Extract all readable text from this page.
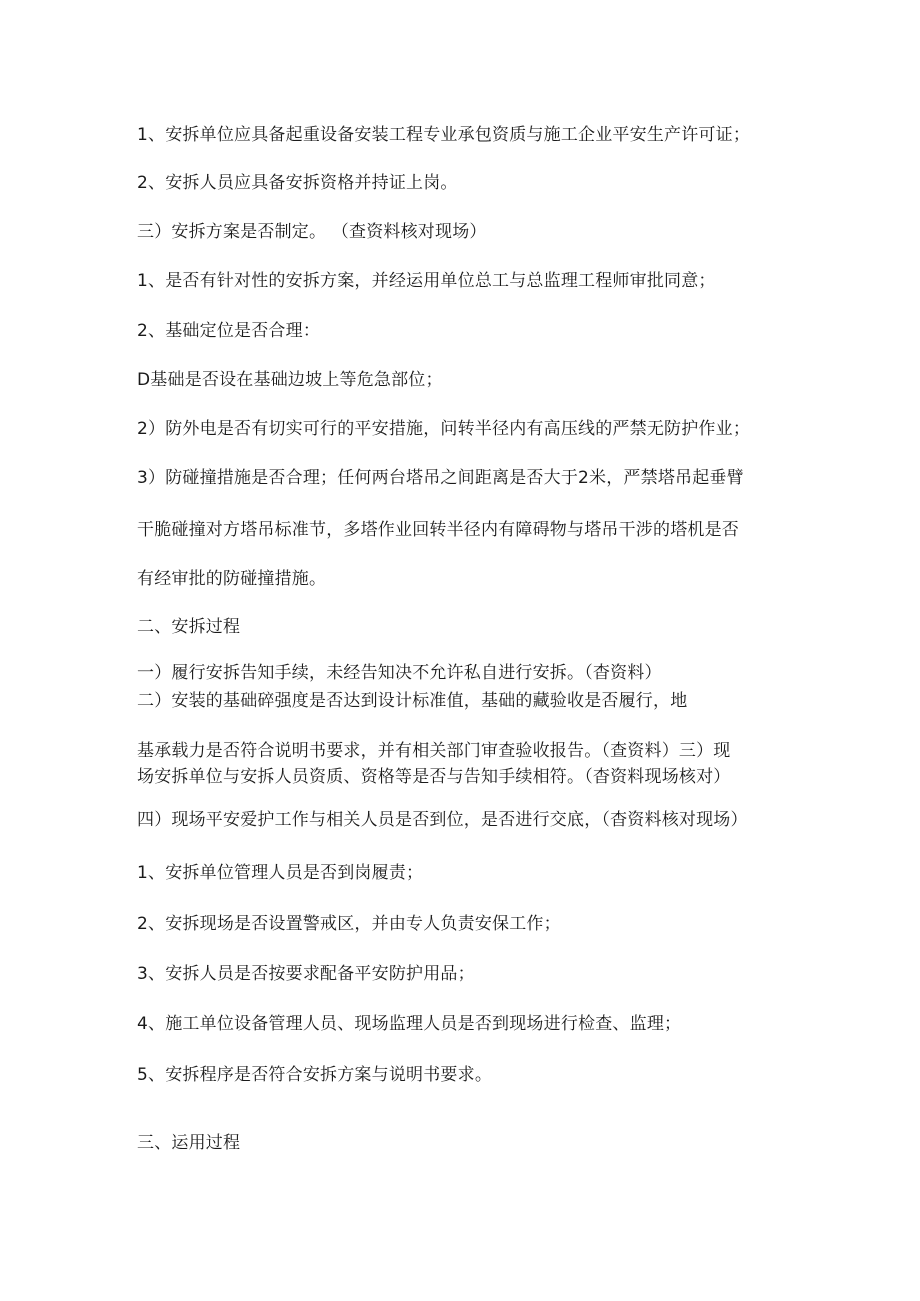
1、安拆单位应具备起重设备安装工程专业承包资质与施工企业平安生产许可证；
2、安拆人员应具备安拆资格并持证上岗。
三）安拆方案是否制定。 （查资料核对现场）
1、是否有针对性的安拆方案，并经运用单位总工与总监理工程师审批同意；
2、基础定位是否合理：
D基础是否设在基础边坡上等危急部位；
2）防外电是否有切实可行的平安措施，问转半径内有高压线的严禁无防护作业；
3）防碰撞措施是否合理；任何两台塔吊之间距离是否大于2米，严禁塔吊起垂臂
干脆碰撞对方塔吊标准节，多塔作业回转半径内有障碍物与塔吊干涉的塔机是否
有经审批的防碰撞措施。
二、安拆过程
一）履行安拆告知手续，未经告知决不允许私自进行安拆。（杳资料）
二）安装的基础碎强度是否达到设计标准值，基础的藏验收是否履行，地
基承载力是否符合说明书要求，并有相关部门审查验收报告。（查资料）三）现
场安拆单位与安拆人员资质、资格等是否与告知手续相符。（杳资料现场核对）
四）现场平安爱护工作与相关人员是否到位，是否进行交底，（杳资料核对现场）
1、安拆单位管理人员是否到岗履责；
2、安拆现场是否设置警戒区，并由专人负责安保工作；
3、安拆人员是否按要求配备平安防护用品；
4、施工单位设备管理人员、现场监理人员是否到现场进行检查、监理；
5、安拆程序是否符合安拆方案与说明书要求。
三、运用过程
